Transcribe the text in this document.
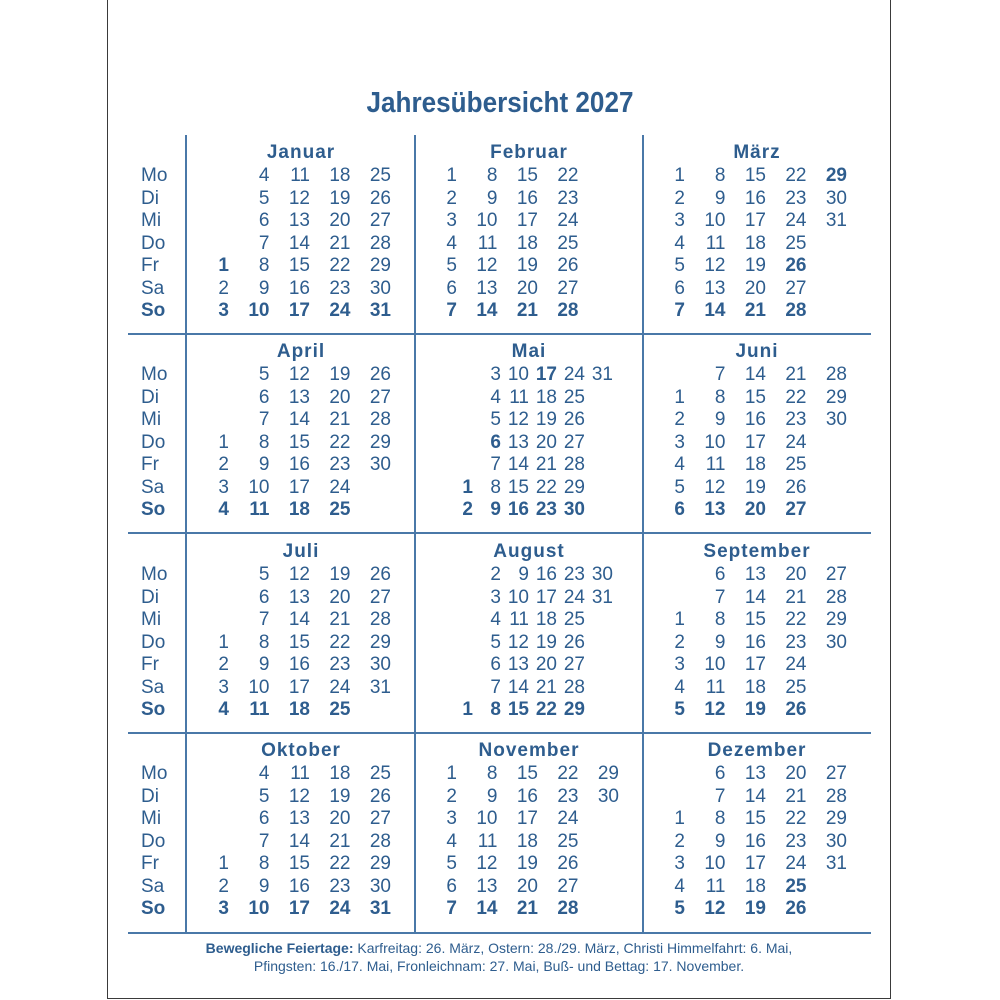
Jahresübersicht 2027
Mo
Di
Mi
Do
Fr
Sa
So
Mo
Di
Mi
Do
Fr
Sa
So
Mo
Di
Mi
Do
Fr
Sa
So
Mo
Di
Mi
Do
Fr
Sa
So
Januar
1
2
3
4
5
6
7
8
9
10
11
12
13
14
15
16
17
18
19
20
21
22
23
24
25
26
27
28
29
30
31
Februar
1
2
3
4
5
6
7
8
9
10
11
12
13
14
15
16
17
18
19
20
21
22
23
24
25
26
27
28
März
1
2
3
4
5
6
7
8
9
10
11
12
13
14
15
16
17
18
19
20
21
22
23
24
25
26
27
28
29
30
31
April
1
2
3
4
5
6
7
8
9
10
11
12
13
14
15
16
17
18
19
20
21
22
23
24
25
26
27
28
29
30
Mai
1
2
3
4
5
6
7
8
9
10
11
12
13
14
15
16
17
18
19
20
21
22
23
24
25
26
27
28
29
30
31
Juni
1
2
3
4
5
6
7
8
9
10
11
12
13
14
15
16
17
18
19
20
21
22
23
24
25
26
27
28
29
30
Juli
1
2
3
4
5
6
7
8
9
10
11
12
13
14
15
16
17
18
19
20
21
22
23
24
25
26
27
28
29
30
31
August
1
2
3
4
5
6
7
8
9
10
11
12
13
14
15
16
17
18
19
20
21
22
23
24
25
26
27
28
29
30
31
September
1
2
3
4
5
6
7
8
9
10
11
12
13
14
15
16
17
18
19
20
21
22
23
24
25
26
27
28
29
30
Oktober
1
2
3
4
5
6
7
8
9
10
11
12
13
14
15
16
17
18
19
20
21
22
23
24
25
26
27
28
29
30
31
November
1
2
3
4
5
6
7
8
9
10
11
12
13
14
15
16
17
18
19
20
21
22
23
24
25
26
27
28
29
30
Dezember
1
2
3
4
5
6
7
8
9
10
11
12
13
14
15
16
17
18
19
20
21
22
23
24
25
26
27
28
29
30
31
Bewegliche Feiertage: Karfreitag: 26. März, Ostern: 28./29. März, Christi Himmelfahrt: 6. Mai,
Pfingsten: 16./17. Mai, Fronleichnam: 27. Mai, Buß- und Bettag: 17. November.
